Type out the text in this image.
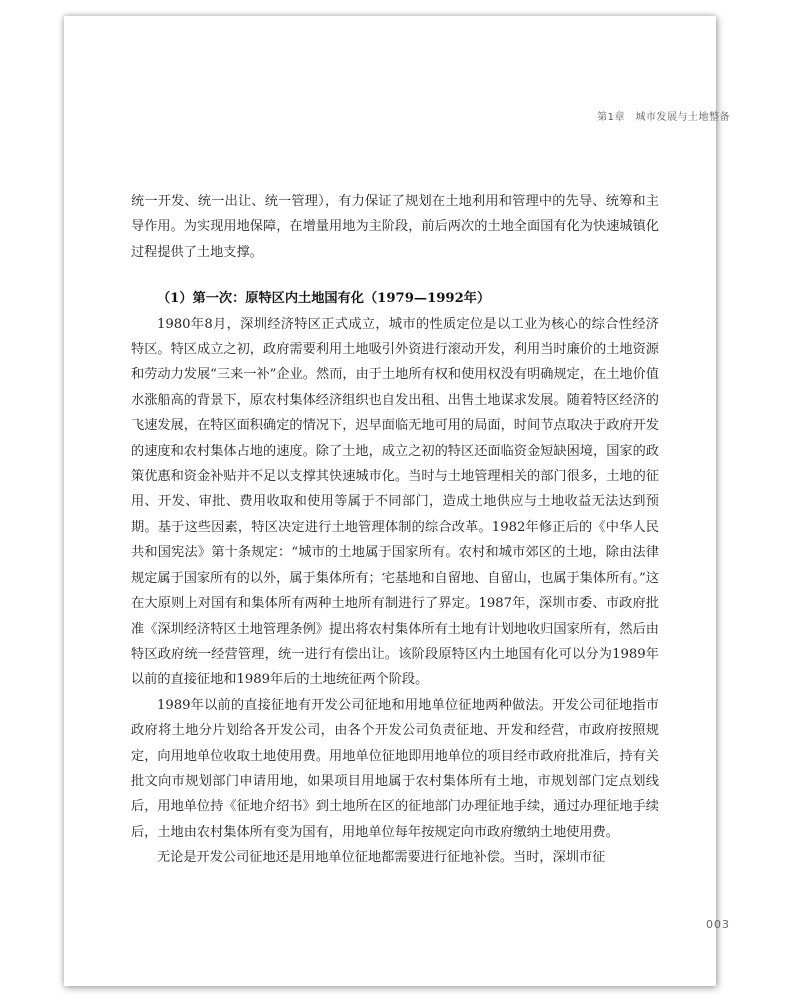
第1章　城市发展与土地整备

统一开发、统一出让、统一管理），有力保证了规划在土地利用和管理中的先导、统筹和主导作用。为实现用地保障，在增量用地为主阶段，前后两次的土地全面国有化为快速城镇化过程提供了土地支撑。

（1）第一次：原特区内土地国有化（1979—1992年）

1980年8月，深圳经济特区正式成立，城市的性质定位是以工业为核心的综合性经济特区。特区成立之初，政府需要利用土地吸引外资进行滚动开发，利用当时廉价的土地资源和劳动力发展“三来一补”企业。然而，由于土地所有权和使用权没有明确规定，在土地价值水涨船高的背景下，原农村集体经济组织也自发出租、出售土地谋求发展。随着特区经济的飞速发展，在特区面积确定的情况下，迟早面临无地可用的局面，时间节点取决于政府开发的速度和农村集体占地的速度。除了土地，成立之初的特区还面临资金短缺困境，国家的政策优惠和资金补贴并不足以支撑其快速城市化。当时与土地管理相关的部门很多，土地的征用、开发、审批、费用收取和使用等属于不同部门，造成土地供应与土地收益无法达到预期。基于这些因素，特区决定进行土地管理体制的综合改革。1982年修正后的《中华人民共和国宪法》第十条规定：“城市的土地属于国家所有。农村和城市郊区的土地，除由法律规定属于国家所有的以外，属于集体所有；宅基地和自留地、自留山，也属于集体所有。”这在大原则上对国有和集体所有两种土地所有制进行了界定。1987年，深圳市委、市政府批准《深圳经济特区土地管理条例》提出将农村集体所有土地有计划地收归国家所有，然后由特区政府统一经营管理，统一进行有偿出让。该阶段原特区内土地国有化可以分为1989年以前的直接征地和1989年后的土地统征两个阶段。

1989年以前的直接征地有开发公司征地和用地单位征地两种做法。开发公司征地指市政府将土地分片划给各开发公司，由各个开发公司负责征地、开发和经营，市政府按照规定，向用地单位收取土地使用费。用地单位征地即用地单位的项目经市政府批准后，持有关批文向市规划部门申请用地，如果项目用地属于农村集体所有土地，市规划部门定点划线后，用地单位持《征地介绍书》到土地所在区的征地部门办理征地手续，通过办理征地手续后，土地由农村集体所有变为国有，用地单位每年按规定向市政府缴纳土地使用费。

无论是开发公司征地还是用地单位征地都需要进行征地补偿。当时，深圳市征

003
